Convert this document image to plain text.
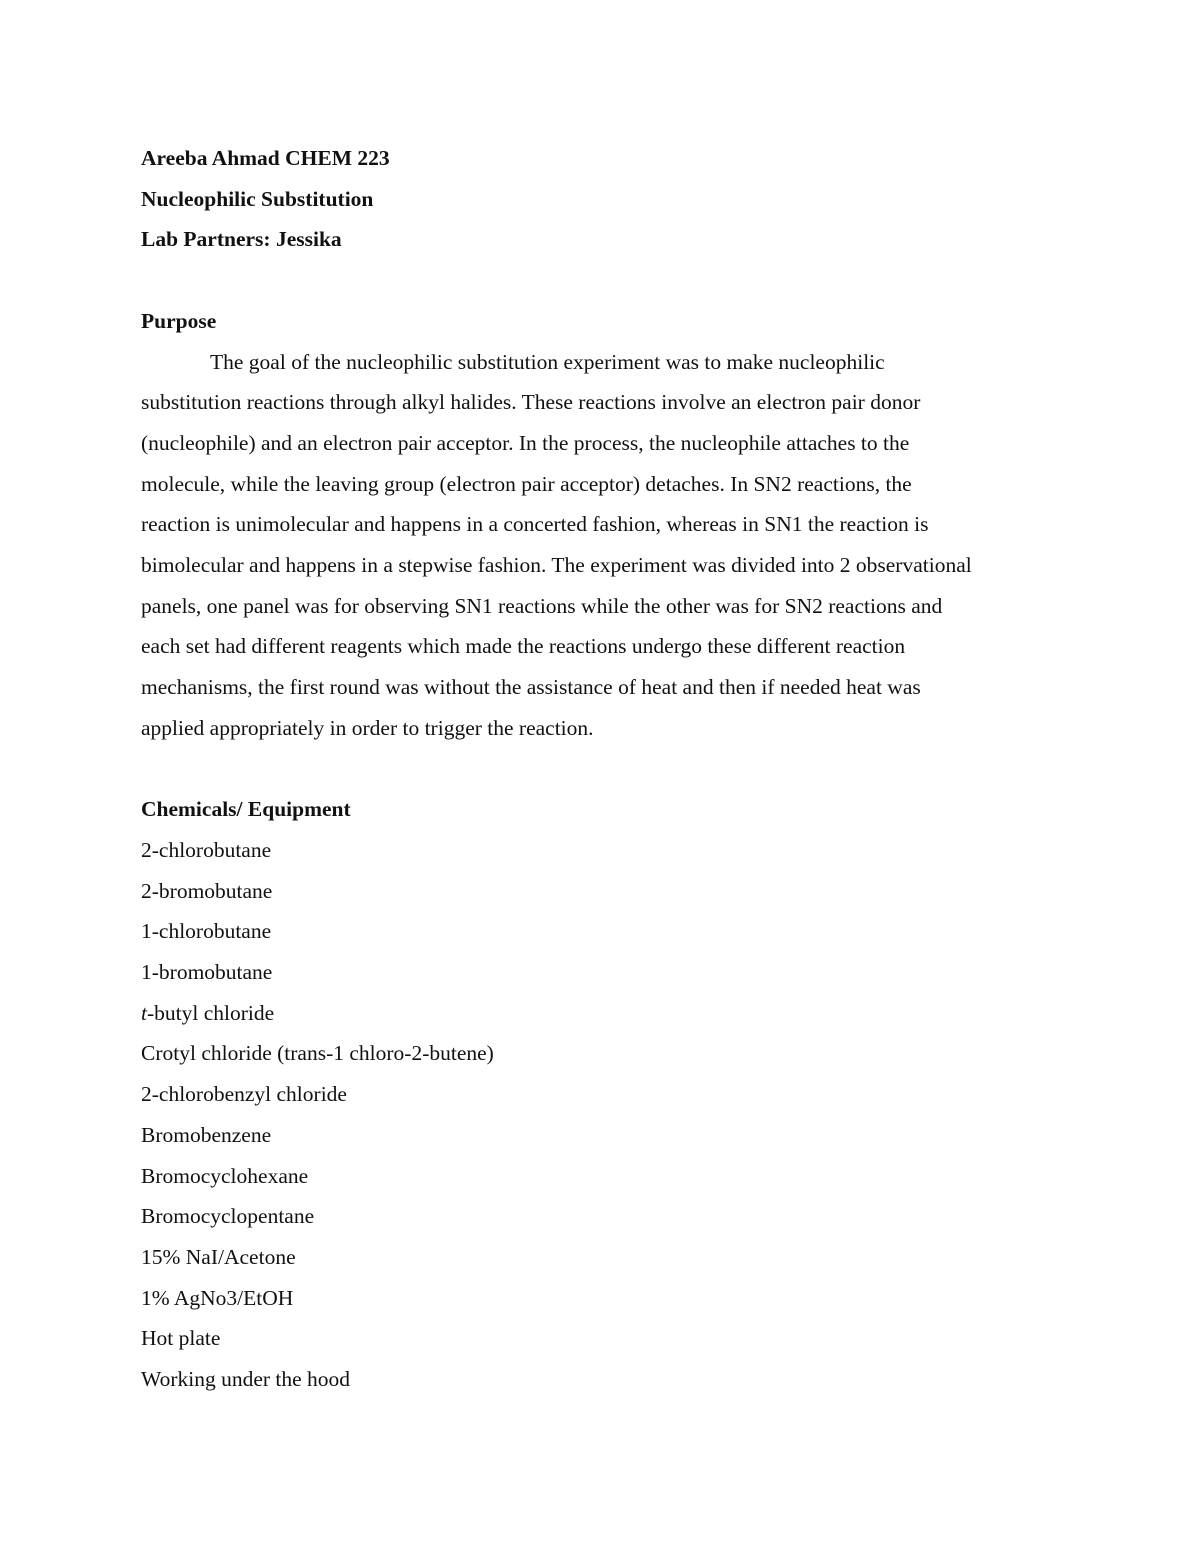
Areeba Ahmad CHEM 223
Nucleophilic Substitution
Lab Partners: Jessika
Purpose
The goal of the nucleophilic substitution experiment was to make nucleophilic
substitution reactions through alkyl halides. These reactions involve an electron pair donor
(nucleophile) and an electron pair acceptor. In the process, the nucleophile attaches to the
molecule, while the leaving group (electron pair acceptor) detaches. In SN2 reactions, the
reaction is unimolecular and happens in a concerted fashion, whereas in SN1 the reaction is
bimolecular and happens in a stepwise fashion. The experiment was divided into 2 observational
panels, one panel was for observing SN1 reactions while the other was for SN2 reactions and
each set had different reagents which made the reactions undergo these different reaction
mechanisms, the first round was without the assistance of heat and then if needed heat was
applied appropriately in order to trigger the reaction.
Chemicals/ Equipment
2-chlorobutane
2-bromobutane
1-chlorobutane
1-bromobutane
t-butyl chloride
Crotyl chloride (trans-1 chloro-2-butene)
2-chlorobenzyl chloride
Bromobenzene
Bromocyclohexane
Bromocyclopentane
15% NaI/Acetone
1% AgNo3/EtOH
Hot plate
Working under the hood
